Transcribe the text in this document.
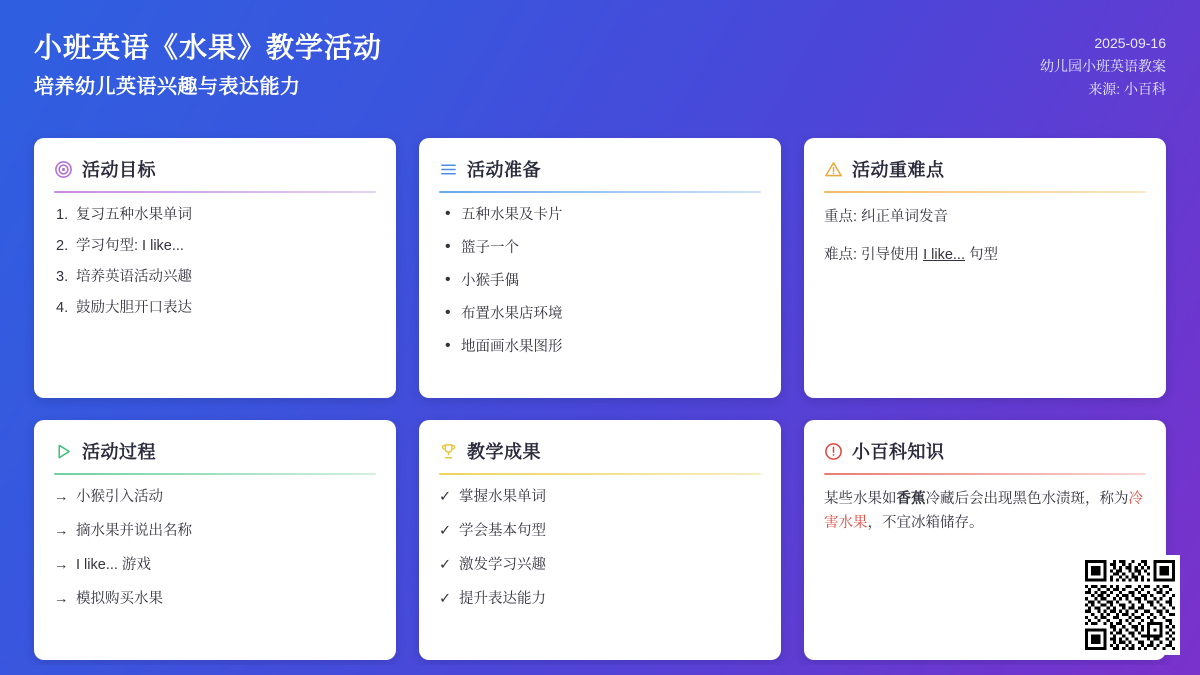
小班英语《水果》教学活动
培养幼儿英语兴趣与表达能力
2025-09-16
幼儿园小班英语教案
来源: 小百科
活动目标
复习五种水果单词
学习句型: I like...
培养英语活动兴趣
鼓励大胆开口表达
活动准备
• 五种水果及卡片
• 篮子一个
• 小猴手偶
• 布置水果店环境
• 地面画水果图形
活动重难点
重点: 纠正单词发音
难点: 引导使用 I like... 句型
活动过程
→ 小猴引入活动
→ 摘水果并说出名称
→ I like... 游戏
→ 模拟购买水果
教学成果
✓ 掌握水果单词
✓ 学会基本句型
✓ 激发学习兴趣
✓ 提升表达能力
小百科知识
某些水果如香蕉冷藏后会出现黑色水渍斑，称为冷害水果，不宜冰箱储存。
